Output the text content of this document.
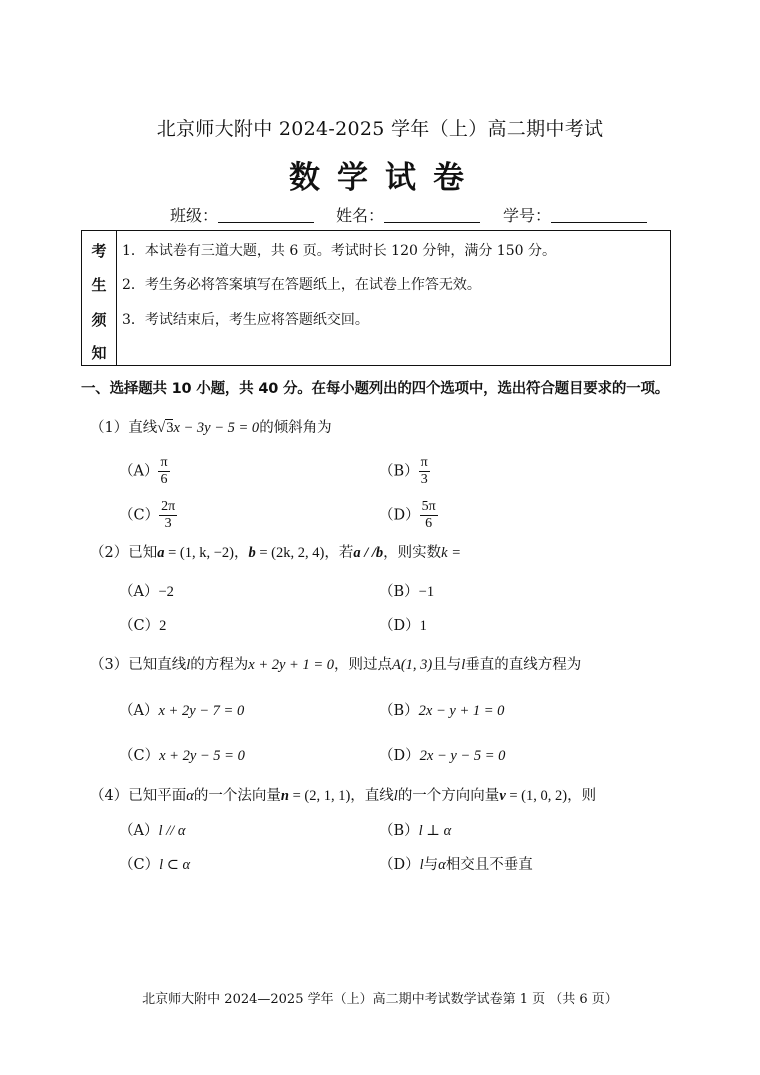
北京师大附中 2024-2025 学年（上）高二期中考试
数学试卷
班级：	姓名：	学号：
考
生
须
知
1．本试卷有三道大题，共 6 页。考试时长 120 分钟，满分 150 分。
2．考生务必将答案填写在答题纸上，在试卷上作答无效。
3．考试结束后，考生应将答题纸交回。
一、选择题共 10 小题，共 40 分。在每小题列出的四个选项中，选出符合题目要求的一项。
（1）直线√3x − 3y − 5 = 0的倾斜角为
$(A) \frac{\pi}{6}$	$(B) \frac{\pi}{3}$
$(C) \frac{2\pi}{3}$	$(D) \frac{5\pi}{6}$
（2）已知a = (1, k, −2)，b = (2k, 2, 4)，若a / /b，则实数k =
（A）−2	（B）−1
（C）2	（D）1
（3）已知直线l的方程为x + 2y + 1 = 0，则过点A(1, 3)且与l垂直的直线方程为
（A）x + 2y − 7 = 0	（B）2x − y + 1 = 0
（C）x + 2y − 5 = 0	（D）2x − y − 5 = 0
（4）已知平面α的一个法向量n = (2, 1, 1)，直线l的一个方向向量v = (1, 0, 2)，则
（A）l // α	（B）l ⊥ α
（C）l ⊂ α	（D）l与α相交且不垂直
北京师大附中 2024—2025 学年（上）高二期中考试数学试卷第 1 页 （共 6 页）
